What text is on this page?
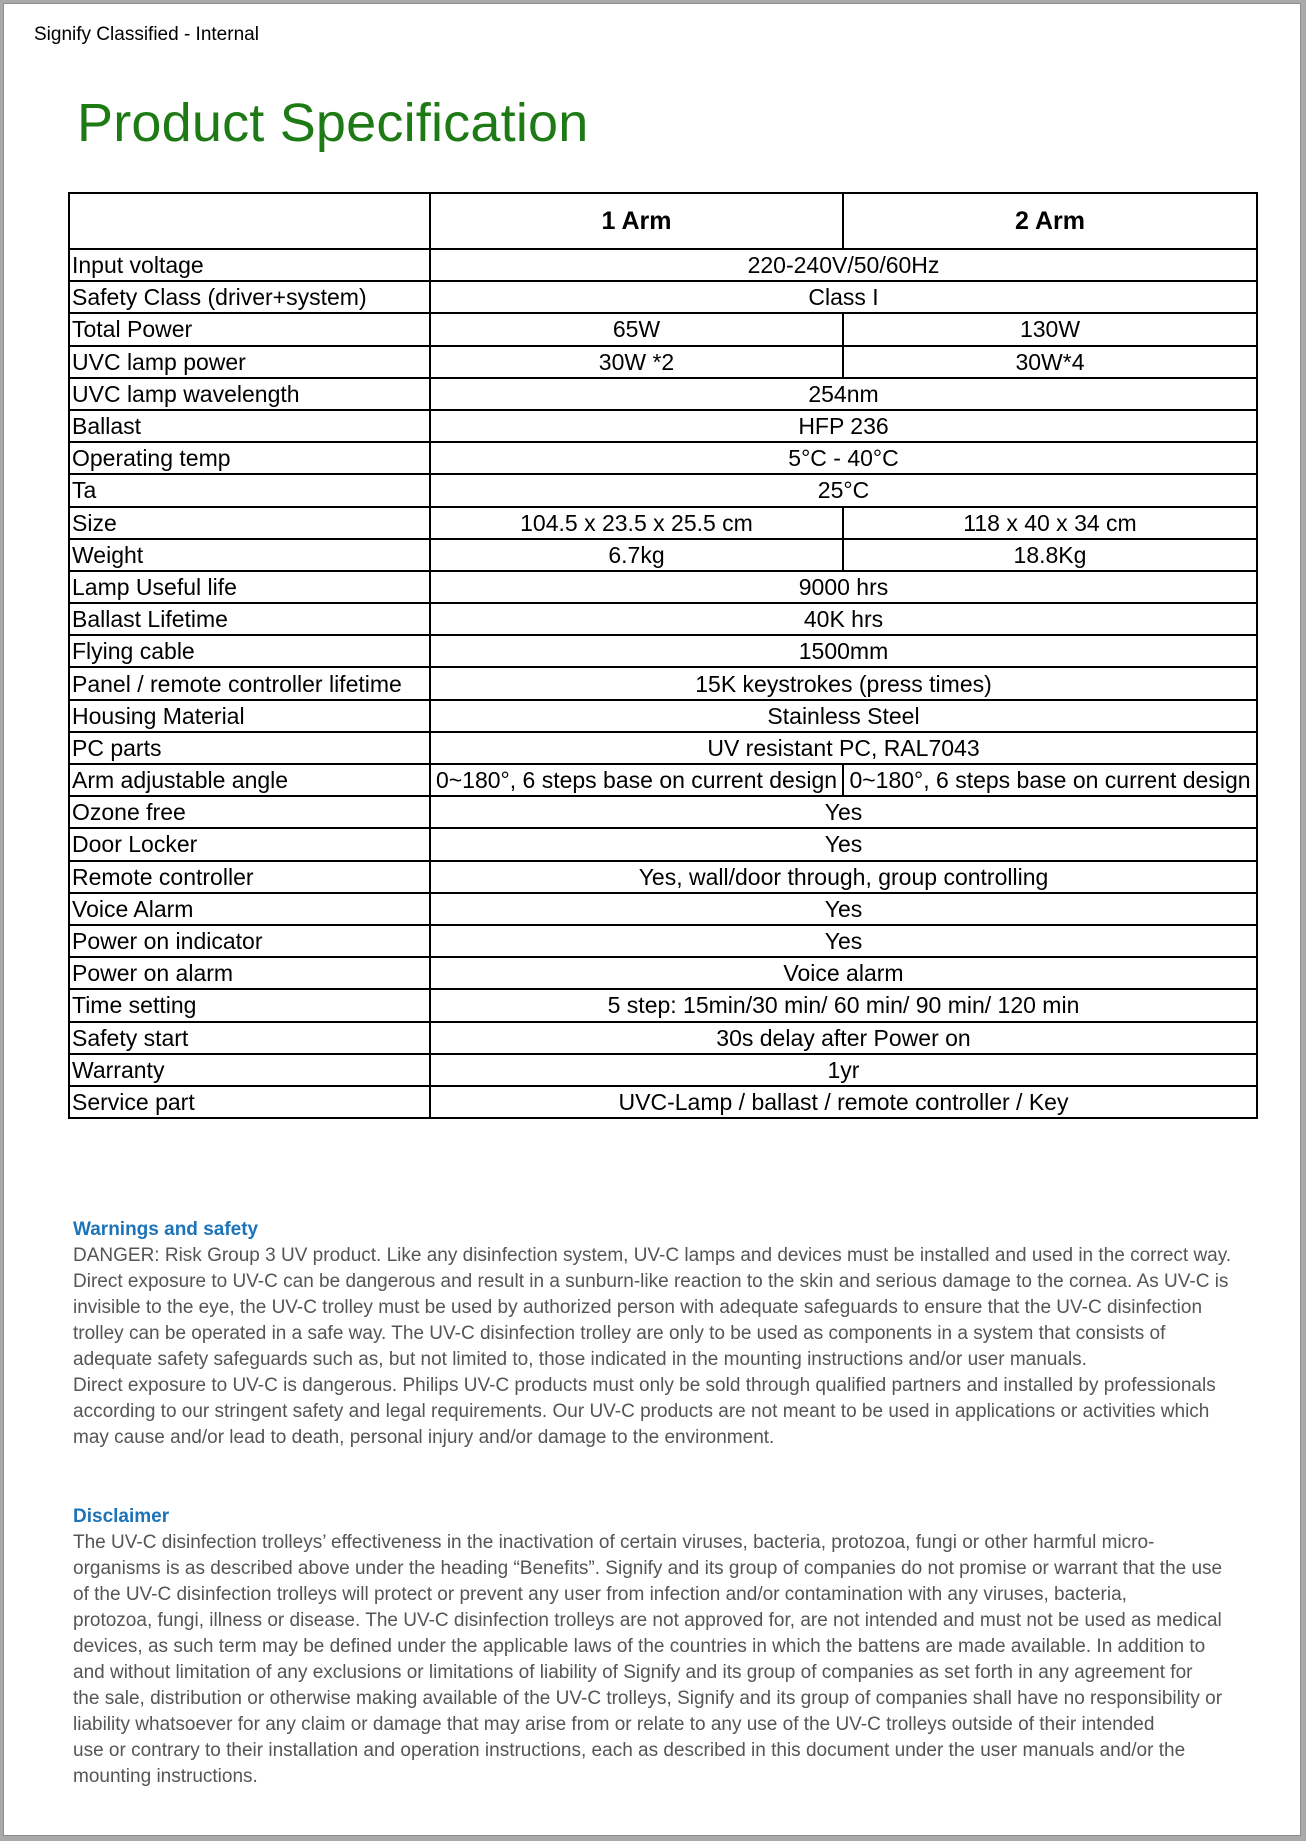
Signify Classified - Internal
Product Specification
	1 Arm	2 Arm
Input voltage	220-240V/50/60Hz	
Safety Class (driver+system)	Class I	
Total Power	65W	130W
UVC lamp power	30W *2	30W*4
UVC lamp wavelength	254nm	
Ballast	HFP 236	
Operating temp	5°C - 40°C	
Ta	25°C	
Size	104.5 x 23.5 x 25.5 cm	118 x 40 x 34 cm
Weight	6.7kg	18.8Kg
Lamp Useful life	9000 hrs	
Ballast Lifetime	40K hrs	
Flying cable	1500mm	
Panel / remote controller lifetime	15K keystrokes (press times)	
Housing Material	Stainless Steel	
PC parts	UV resistant PC, RAL7043	
Arm adjustable angle	0~180°, 6 steps base on current design	0~180°, 6 steps base on current design
Ozone free	Yes	
Door Locker	Yes	
Remote controller	Yes, wall/door through, group controlling	
Voice Alarm	Yes	
Power on indicator	Yes	
Power on alarm	Voice alarm	
Time setting	5 step: 15min/30 min/ 60 min/ 90 min/ 120 min	
Safety start	30s delay after Power on	
Warranty	1yr	
Service part	UVC-Lamp / ballast / remote controller / Key	
Warnings and safety

DANGER: Risk Group 3 UV product. Like any disinfection system, UV-C lamps and devices must be installed and used in the correct way.

Direct exposure to UV-C can be dangerous and result in a sunburn-like reaction to the skin and serious damage to the cornea. As UV-C is

invisible to the eye, the UV-C trolley must be used by authorized person with adequate safeguards to ensure that the UV-C disinfection

trolley can be operated in a safe way. The UV-C disinfection trolley are only to be used as components in a system that consists of

adequate safety safeguards such as, but not limited to, those indicated in the mounting instructions and/or user manuals.

Direct exposure to UV-C is dangerous. Philips UV-C products must only be sold through qualified partners and installed by professionals

according to our stringent safety and legal requirements. Our UV-C products are not meant to be used in applications or activities which

may cause and/or lead to death, personal injury and/or damage to the environment.

Disclaimer

The UV-C disinfection trolleys’ effectiveness in the inactivation of certain viruses, bacteria, protozoa, fungi or other harmful micro-

organisms is as described above under the heading “Benefits”. Signify and its group of companies do not promise or warrant that the use

of the UV-C disinfection trolleys will protect or prevent any user from infection and/or contamination with any viruses, bacteria,

protozoa, fungi, illness or disease. The UV-C disinfection trolleys are not approved for, are not intended and must not be used as medical

devices, as such term may be defined under the applicable laws of the countries in which the battens are made available. In addition to

and without limitation of any exclusions or limitations of liability of Signify and its group of companies as set forth in any agreement for

the sale, distribution or otherwise making available of the UV-C trolleys, Signify and its group of companies shall have no responsibility or

liability whatsoever for any claim or damage that may arise from or relate to any use of the UV-C trolleys outside of their intended

use or contrary to their installation and operation instructions, each as described in this document under the user manuals and/or the

mounting instructions.
